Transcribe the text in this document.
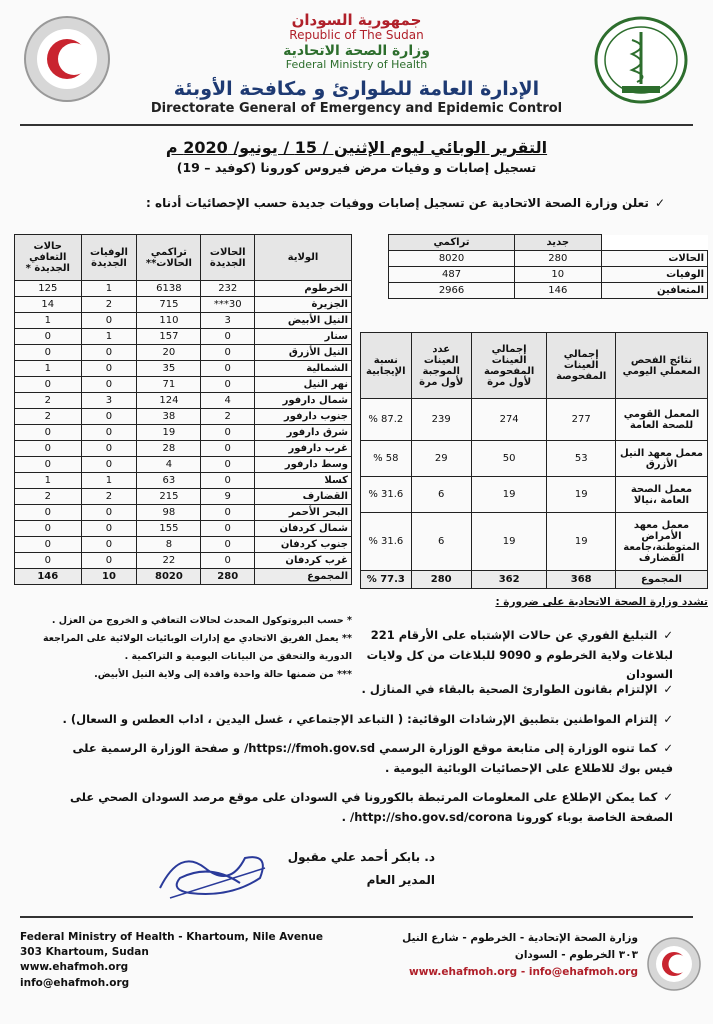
جمهورية السودان
Republic of The Sudan
وزارة الصحة الاتحادية
Federal Ministry of Health
الإدارة العامة للطوارئ و مكافحة الأوبئة
Directorate General of Emergency and Epidemic Control
التقرير الوبائي ليوم الإثنين / 15 / يونيو/ 2020 م
تسجيل إصابات و وفيات مرض فيروس كورونا (كوفيد – 19)
✓تعلن وزارة الصحة الاتحادية عن تسجيل إصابات ووفيات جديدة حسب الإحصائيات أدناه :
	جديد	تراكمي
الحالات	280	8020
الوفيات	10	487
المتعافين	146	2966
نتائج الفحص المعملي اليومي	إجمالي العينات المفحوصة	إجمالي العينات المفحوصة لأول مرة	عدد العينات الموجبة لأول مرة	نسبة الإيجابية
المعمل القومي للصحة العامة	277	274	239	87.2 %
معمل معهد النيل الأزرق	53	50	29	58 %
معمل الصحة العامة ،نيالا	19	19	6	31.6 %
معمل معهد الأمراض المتوطنة،جامعة القضارف	19	19	6	31.6 %
المجموع	368	362	280	77.3 %
الولاية	الحالات الجديدة	تراكمي الحالات**	الوفيات الجديدة	حالات التعافي الجديدة *
الخرطوم	232	6138	1	125
الجزيرة	30***	715	2	14
النيل الأبيض	3	110	0	1
سنار	0	157	1	0
النيل الأزرق	0	20	0	0
الشمالية	0	35	0	1
نهر النيل	0	71	0	0
شمال دارفور	4	124	3	2
جنوب دارفور	2	38	0	2
شرق دارفور	0	19	0	0
غرب دارفور	0	28	0	0
وسط دارفور	0	4	0	0
كسلا	0	63	1	1
القضارف	9	215	2	2
البحر الأحمر	0	98	0	0
شمال كردفان	0	155	0	0
جنوب كردفان	0	8	0	0
غرب كردفان	0	22	0	0
المجموع	280	8020	10	146
* حسب البروتوكول المحدث لحالات التعافي و الخروج من العزل .
** يعمل الفريق الاتحادي مع إدارات الوبائيات الولائية على المراجعة الدورية والتحقق من البيانات اليومية و التراكمية .
*** من ضمنها حالة واحدة وافدة إلى ولاية النيل الأبيض.
تشدد وزارة الصحة الاتحادية على ضرورة :
✓التبليغ الفوري عن حالات الإشتباه على الأرقام 221 لبلاغات ولاية الخرطوم و 9090 للبلاغات من كل ولايات السودان
✓الإلتزام بقانون الطوارئ الصحية بالبقاء في المنازل .
✓إلتزام المواطنين بتطبيق الإرشادات الوقائية: ( التباعد الإجتماعي ، غسل اليدين ، اداب العطس و السعال) .
✓كما تنوه الوزارة إلى متابعة موقع الوزارة الرسمي https://fmoh.gov.sd/ و صفحة الوزارة الرسمية على فيس بوك للاطلاع على الإحصائيات الوبائية اليومية .
✓كما يمكن الإطلاع على المعلومات المرتبطة بالكورونا في السودان على موقع مرصد السودان الصحي على الصفحة الخاصة بوباء كورونا http://sho.gov.sd/corona/ .
د. بابكر أحمد علي مقبول
المدير العام
Federal Ministry of Health - Khartoum, Nile Avenue
303 Khartoum, Sudan
www.ehafmoh.org
info@ehafmoh.org
وزارة الصحة الإتحادية - الخرطوم - شارع النيل
٣٠٣ الخرطوم - السودان
www.ehafmoh.org - info@ehafmoh.org
